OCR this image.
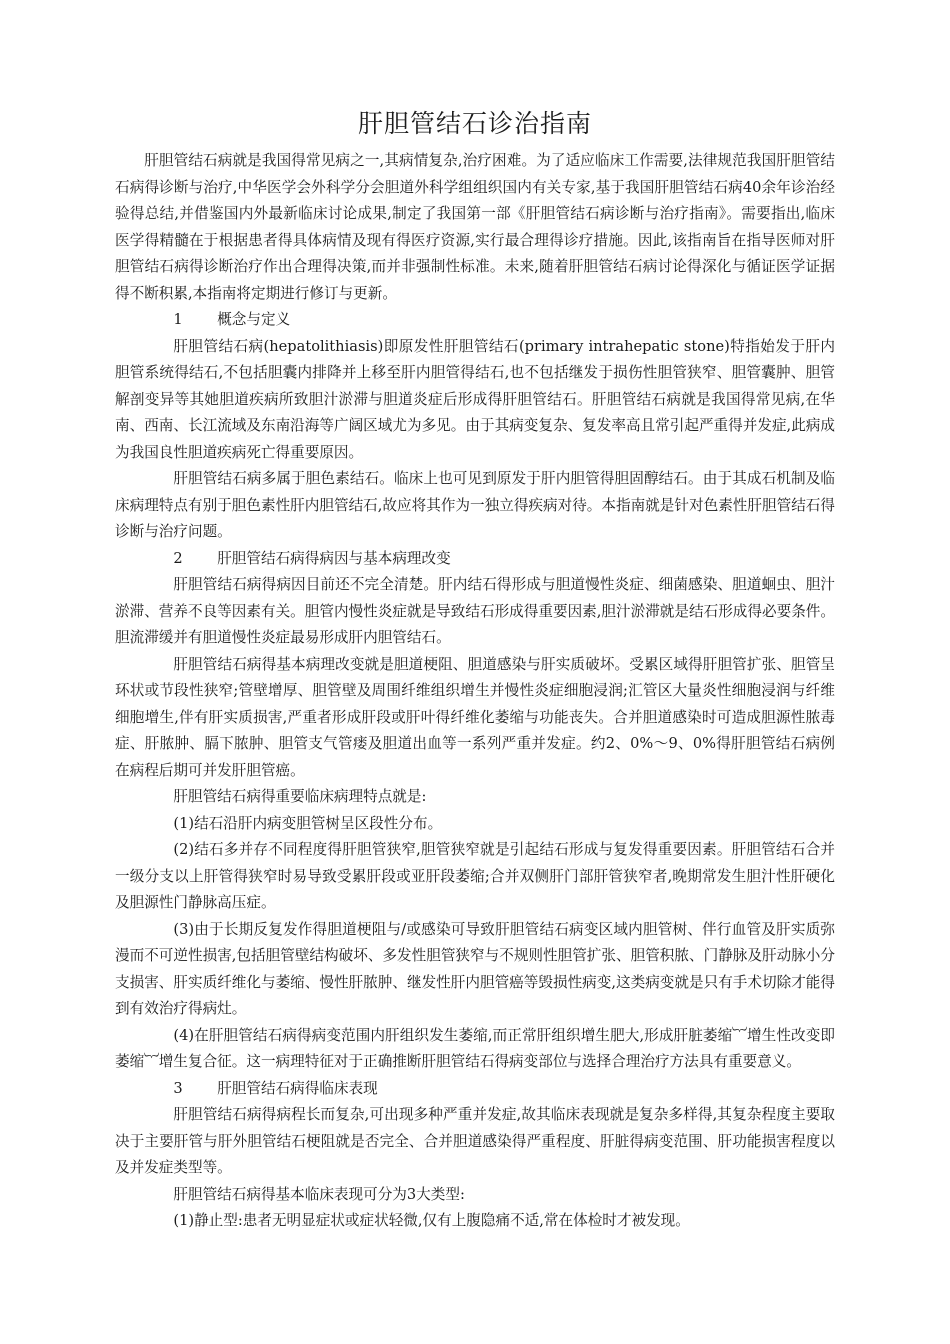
肝胆管结石诊治指南

肝胆管结石病就是我国得常见病之一,其病情复杂,治疗困难。为了适应临床工作需要,法律规范我国肝胆管结石病得诊断与治疗,中华医学会外科学分会胆道外科学组组织国内有关专家,基于我国肝胆管结石病40余年诊治经验得总结,并借鉴国内外最新临床讨论成果,制定了我国第一部《肝胆管结石病诊断与治疗指南》。需要指出,临床医学得精髓在于根据患者得具体病情及现有得医疗资源,实行最合理得诊疗措施。因此,该指南旨在指导医师对肝胆管结石病得诊断治疗作出合理得决策,而并非强制性标准。未来,随着肝胆管结石病讨论得深化与循证医学证据得不断积累,本指南将定期进行修订与更新。

1 概念与定义

肝胆管结石病(hepatolithiasis)即原发性肝胆管结石(primary intrahepatic stone)特指始发于肝内胆管系统得结石,不包括胆囊内排降并上移至肝内胆管得结石,也不包括继发于损伤性胆管狭窄、胆管囊肿、胆管解剖变异等其她胆道疾病所致胆汁淤滞与胆道炎症后形成得肝胆管结石。肝胆管结石病就是我国得常见病,在华南、西南、长江流域及东南沿海等广阔区域尤为多见。由于其病变复杂、复发率高且常引起严重得并发症,此病成为我国良性胆道疾病死亡得重要原因。

肝胆管结石病多属于胆色素结石。临床上也可见到原发于肝内胆管得胆固醇结石。由于其成石机制及临床病理特点有别于胆色素性肝内胆管结石,故应将其作为一独立得疾病对待。本指南就是针对色素性肝胆管结石得诊断与治疗问题。

2 肝胆管结石病得病因与基本病理改变

肝胆管结石病得病因目前还不完全清楚。肝内结石得形成与胆道慢性炎症、细菌感染、胆道蛔虫、胆汁淤滞、营养不良等因素有关。胆管内慢性炎症就是导致结石形成得重要因素,胆汁淤滞就是结石形成得必要条件。胆流滞缓并有胆道慢性炎症最易形成肝内胆管结石。

肝胆管结石病得基本病理改变就是胆道梗阻、胆道感染与肝实质破坏。受累区域得肝胆管扩张、胆管呈环状或节段性狭窄;管壁增厚、胆管壁及周围纤维组织增生并慢性炎症细胞浸润;汇管区大量炎性细胞浸润与纤维细胞增生,伴有肝实质损害,严重者形成肝段或肝叶得纤维化萎缩与功能丧失。合并胆道感染时可造成胆源性脓毒症、肝脓肿、膈下脓肿、胆管支气管瘘及胆道出血等一系列严重并发症。约2、0%～9、0%得肝胆管结石病例在病程后期可并发肝胆管癌。

肝胆管结石病得重要临床病理特点就是:

(1)结石沿肝内病变胆管树呈区段性分布。

(2)结石多并存不同程度得肝胆管狭窄,胆管狭窄就是引起结石形成与复发得重要因素。肝胆管结石合并一级分支以上肝管得狭窄时易导致受累肝段或亚肝段萎缩;合并双侧肝门部肝管狭窄者,晚期常发生胆汁性肝硬化及胆源性门静脉高压症。

(3)由于长期反复发作得胆道梗阻与/或感染可导致肝胆管结石病变区域内胆管树、伴行血管及肝实质弥漫而不可逆性损害,包括胆管壁结构破坏、多发性胆管狭窄与不规则性胆管扩张、胆管积脓、门静脉及肝动脉小分支损害、肝实质纤维化与萎缩、慢性肝脓肿、继发性肝内胆管癌等毁损性病变,这类病变就是只有手术切除才能得到有效治疗得病灶。

(4)在肝胆管结石病得病变范围内肝组织发生萎缩,而正常肝组织增生肥大,形成肝脏萎缩︸增生性改变即萎缩︸增生复合征。这一病理特征对于正确推断肝胆管结石得病变部位与选择合理治疗方法具有重要意义。

3 肝胆管结石病得临床表现

肝胆管结石病得病程长而复杂,可出现多种严重并发症,故其临床表现就是复杂多样得,其复杂程度主要取决于主要肝管与肝外胆管结石梗阻就是否完全、合并胆道感染得严重程度、肝脏得病变范围、肝功能损害程度以及并发症类型等。

肝胆管结石病得基本临床表现可分为3大类型:

(1)静止型:患者无明显症状或症状轻微,仅有上腹隐痛不适,常在体检时才被发现。
